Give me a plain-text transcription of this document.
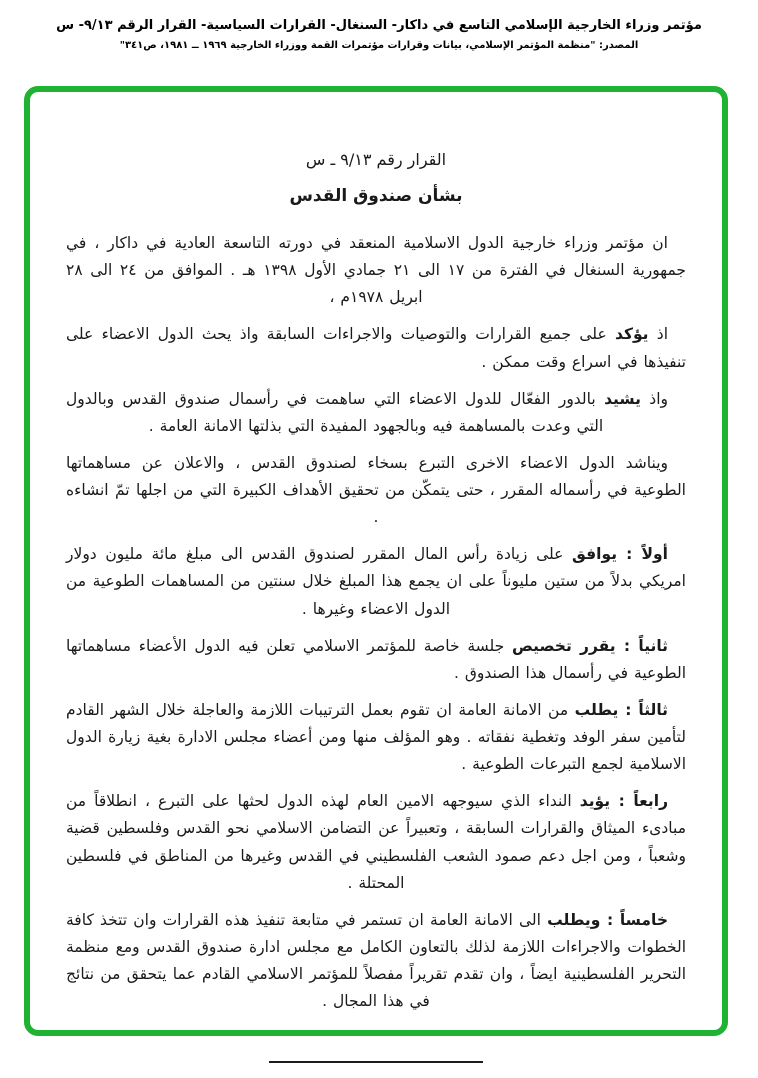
مؤتمر وزراء الخارجية الإسلامي التاسع في داكار- السنغال- القرارات السياسية- القرار الرقم ٩/١٣- س
المصدر: "منظمة المؤتمر الإسلامي، بيانات وقرارات مؤتمرات القمة ووزراء الخارجية ١٩٦٩ ــ ١٩٨١، ص٣٤١"
القرار رقم ٩/١٣ ـ س
بشأن صندوق القدس

ان مؤتمر وزراء خارجية الدول الاسلامية المنعقد في دورته التاسعة العادية في داكار ، في جمهورية السنغال في الفترة من ١٧ الى ٢١ جمادي الأول ١٣٩٨ هـ . الموافق من ٢٤ الى ٢٨ ابريل ١٩٧٨م ،

اذ يؤكد على جميع القرارات والتوصيات والاجراءات السابقة واذ يحث الدول الاعضاء على تنفيذها في اسراع وقت ممكن .

واذ يشيد بالدور الفعّال للدول الاعضاء التي ساهمت في رأسمال صندوق القدس وبالدول التي وعدت بالمساهمة فيه وبالجهود المفيدة التي بذلتها الامانة العامة .

ويناشد الدول الاعضاء الاخرى التبرع بسخاء لصندوق القدس ، والاعلان عن مساهماتها الطوعية في رأسماله المقرر ، حتى يتمكّن من تحقيق الأهداف الكبيرة التي من اجلها تمّ انشاءه .

أولاً : يوافق على زيادة رأس المال المقرر لصندوق القدس الى مبلغ مائة مليون دولار امريكي بدلاً من ستين مليوناً على ان يجمع هذا المبلغ خلال سنتين من المساهمات الطوعية من الدول الاعضاء وغيرها .

ثانياً : يقرر تخصيص جلسة خاصة للمؤتمر الاسلامي تعلن فيه الدول الأعضاء مساهماتها الطوعية في رأسمال هذا الصندوق .

ثالثاً : يطلب من الامانة العامة ان تقوم بعمل الترتيبات اللازمة والعاجلة خلال الشهر القادم لتأمين سفر الوفد وتغطية نفقاته . وهو المؤلف منها ومن أعضاء مجلس الادارة بغية زيارة الدول الاسلامية لجمع التبرعات الطوعية .

رابعاً : يؤيد النداء الذي سيوجهه الامين العام لهذه الدول لحثها على التبرع ، انطلاقاً من مبادىء الميثاق والقرارات السابقة ، وتعبيراً عن التضامن الاسلامي نحو القدس وفلسطين قضية وشعباً ، ومن اجل دعم صمود الشعب الفلسطيني في القدس وغيرها من المناطق في فلسطين المحتلة .

خامساً : ويطلب الى الامانة العامة ان تستمر في متابعة تنفيذ هذه القرارات وان تتخذ كافة الخطوات والاجراءات اللازمة لذلك بالتعاون الكامل مع مجلس ادارة صندوق القدس ومع منظمة التحرير الفلسطينية ايضاً ، وان تقدم تقريراً مفصلاً للمؤتمر الاسلامي القادم عما يتحقق من نتائج في هذا المجال .
